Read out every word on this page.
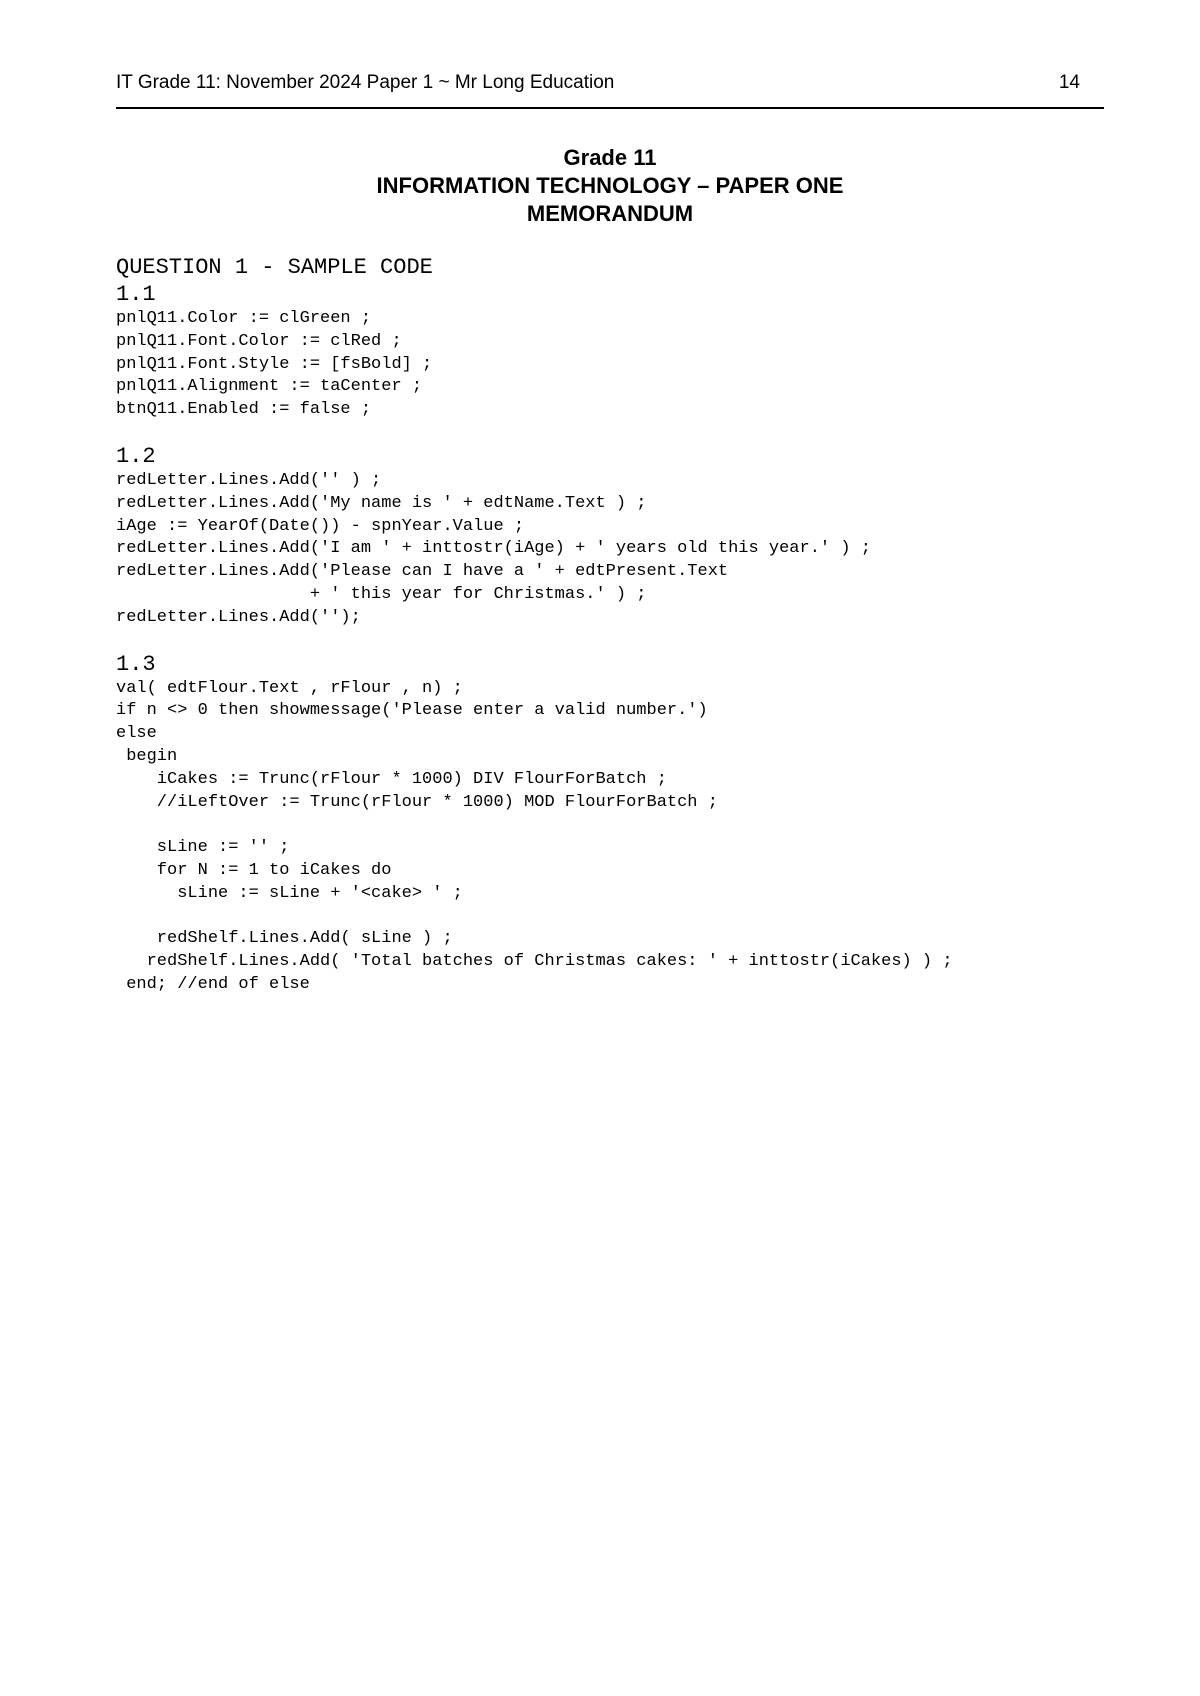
IT Grade 11: November 2024 Paper 1 ~ Mr Long Education	14
Grade 11
INFORMATION TECHNOLOGY – PAPER ONE
MEMORANDUM
QUESTION 1 - SAMPLE CODE
1.1
pnlQ11.Color := clGreen ;
pnlQ11.Font.Color := clRed ;
pnlQ11.Font.Style := [fsBold] ;
pnlQ11.Alignment := taCenter ;
btnQ11.Enabled := false ;
1.2
redLetter.Lines.Add('' ) ;
redLetter.Lines.Add('My name is ' + edtName.Text ) ;
iAge := YearOf(Date()) - spnYear.Value ;
redLetter.Lines.Add('I am ' + inttostr(iAge) + ' years old this year.' ) ;
redLetter.Lines.Add('Please can I have a ' + edtPresent.Text
+ ' this year for Christmas.' ) ;
redLetter.Lines.Add('');
1.3
val( edtFlour.Text , rFlour , n) ;
if n <> 0 then showmessage('Please enter a valid number.')
else
begin
iCakes := Trunc(rFlour * 1000) DIV FlourForBatch ;
//iLeftOver := Trunc(rFlour * 1000) MOD FlourForBatch ;

sLine := '' ;
for N := 1 to iCakes do
sLine := sLine + '<cake> ' ;

redShelf.Lines.Add( sLine ) ;
redShelf.Lines.Add( 'Total batches of Christmas cakes: ' + inttostr(iCakes) ) ;
end; //end of else
